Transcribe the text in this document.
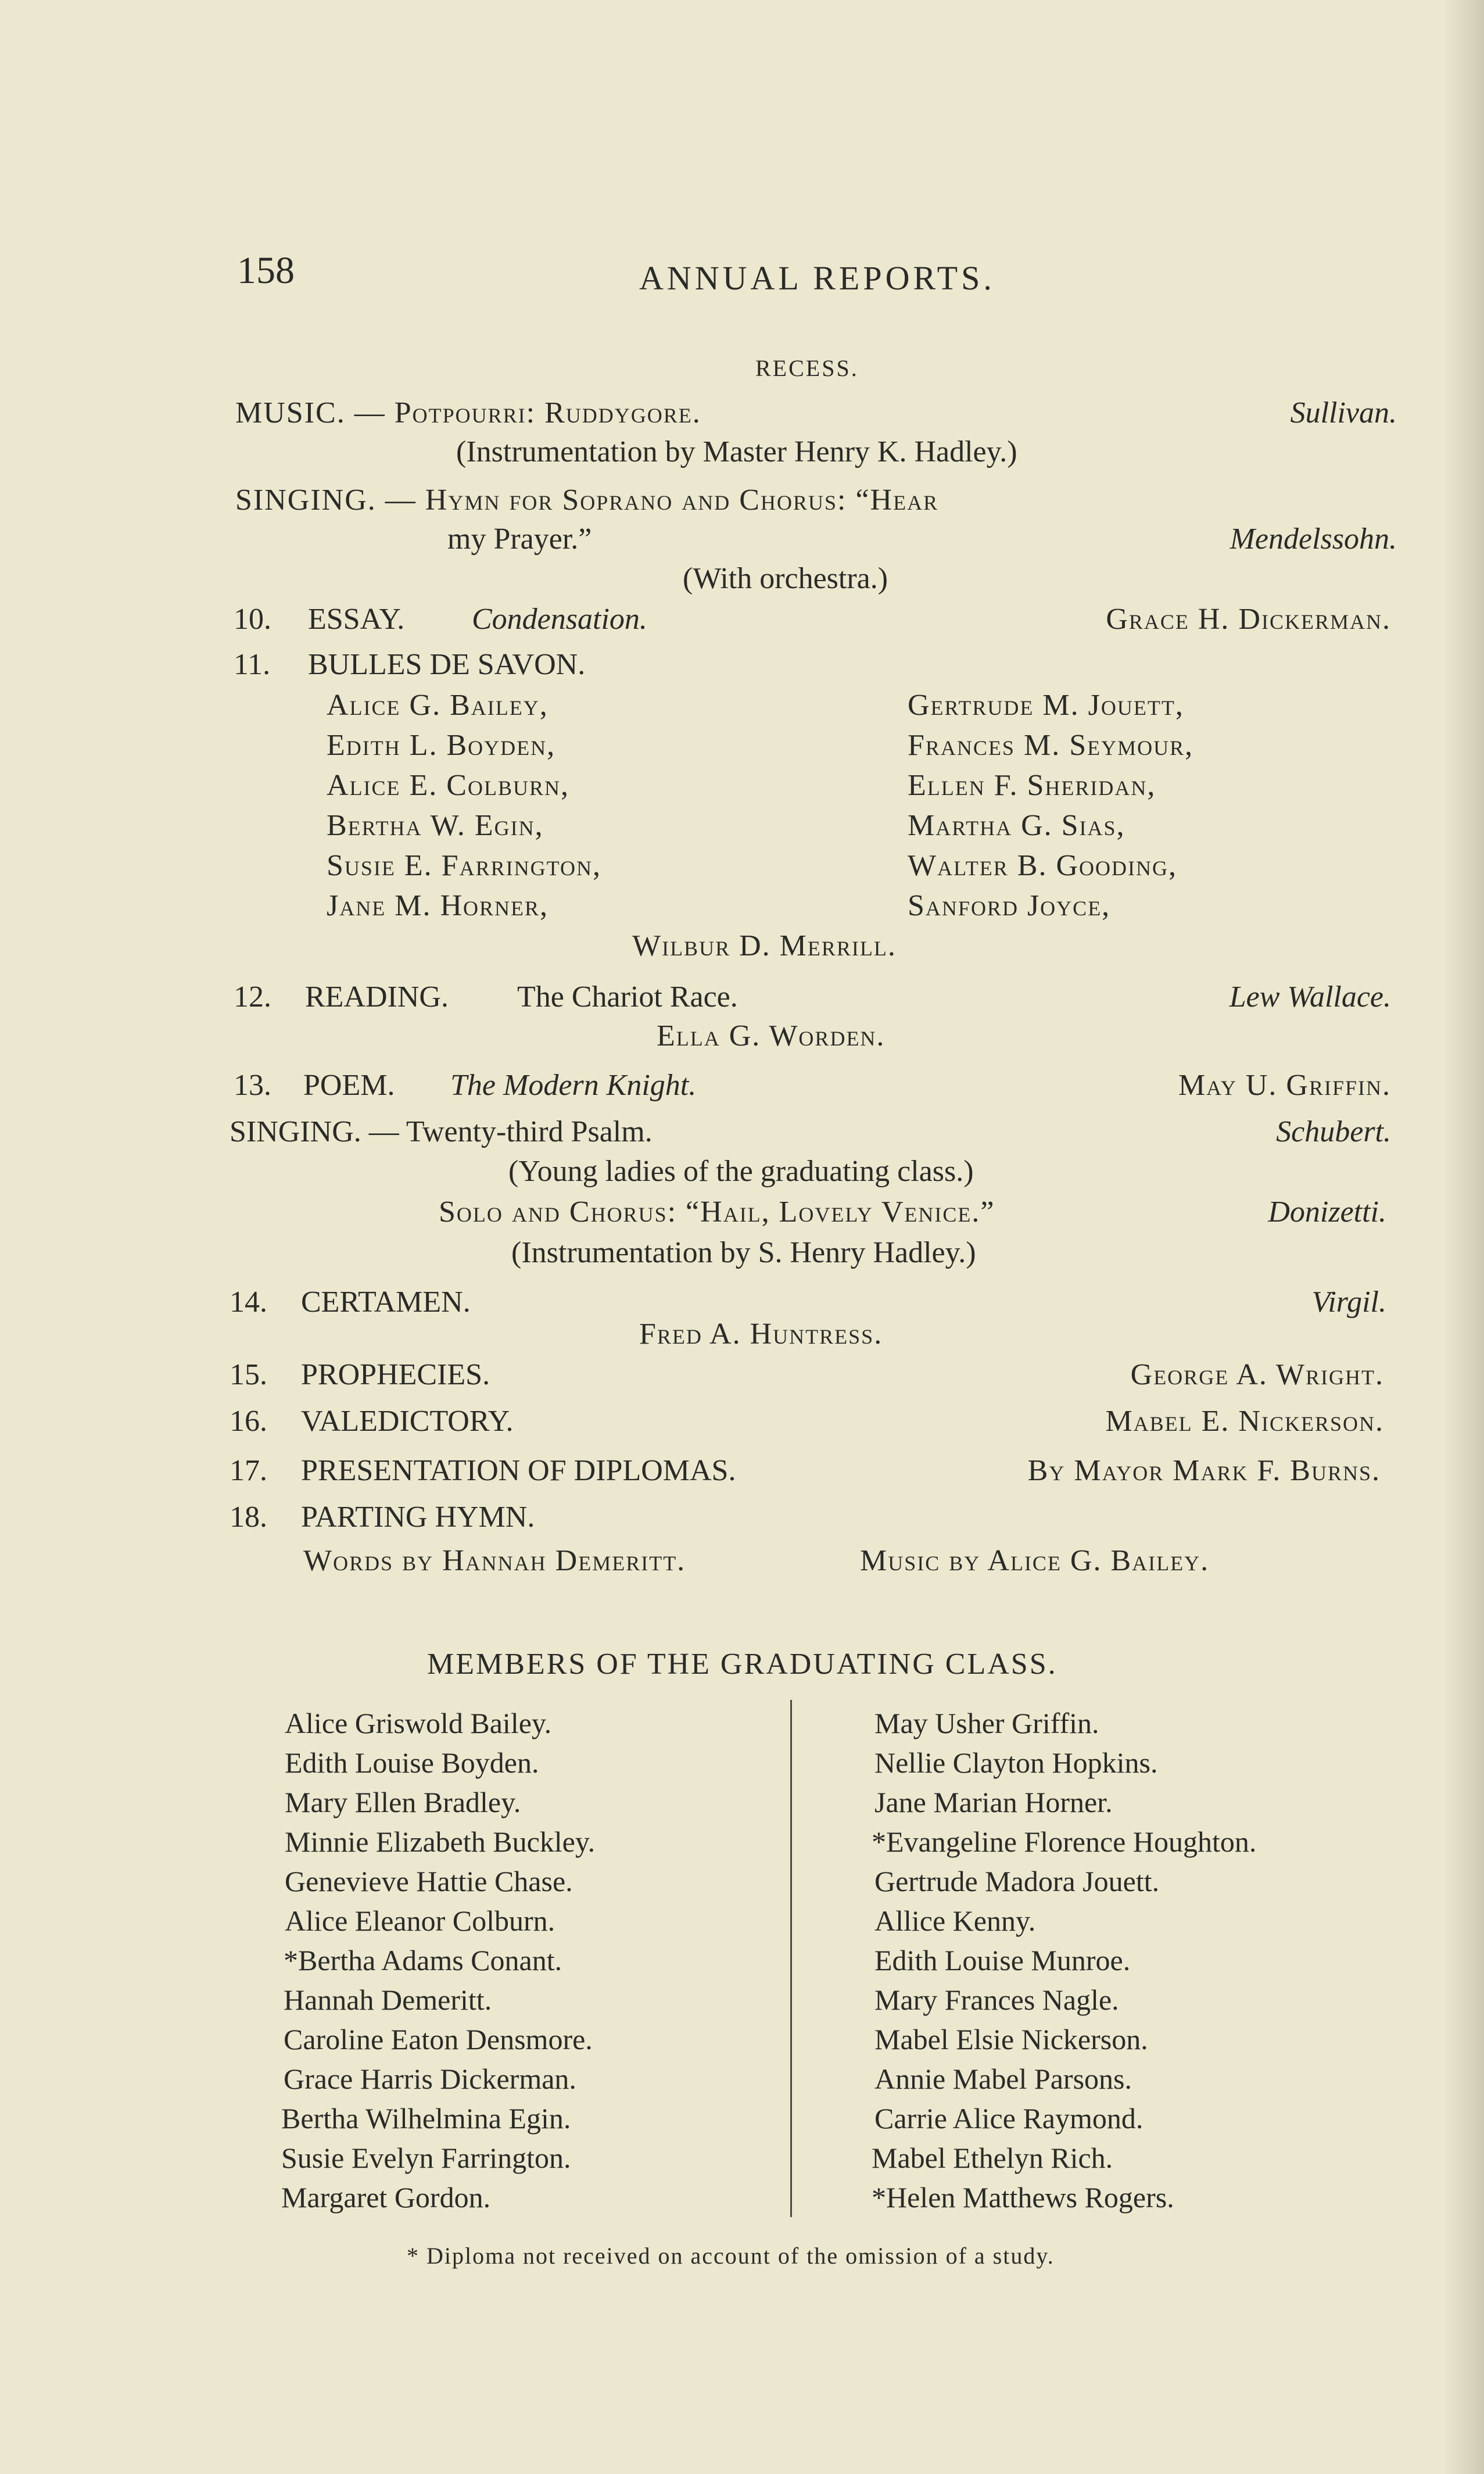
158	ANNUAL REPORTS.
RECESS.
MUSIC. — Potpourri: Ruddygore.	Sullivan.
(Instrumentation by Master Henry K. Hadley.)
SINGING. — Hymn for Soprano and Chorus: “Hear
my Prayer.”	Mendelssohn.
(With orchestra.)
10. ESSAY. Condensation.	Grace H. Dickerman.
11. BULLES DE SAVON.
Alice G. Bailey,
Edith L. Boyden,
Alice E. Colburn,
Bertha W. Egin,
Susie E. Farrington,
Jane M. Horner,
Gertrude M. Jouett,
Frances M. Seymour,
Ellen F. Sheridan,
Martha G. Sias,
Walter B. Gooding,
Sanford Joyce,
Wilbur D. Merrill.
12. READING. The Chariot Race.	Lew Wallace.
Ella G. Worden.
13. POEM. The Modern Knight.	May U. Griffin.
SINGING. — Twenty-third Psalm.	Schubert.
(Young ladies of the graduating class.)
Solo and Chorus: “Hail, Lovely Venice.”	Donizetti.
(Instrumentation by S. Henry Hadley.)
14. CERTAMEN.	Virgil.
Fred A. Huntress.
15. PROPHECIES.	George A. Wright.
16. VALEDICTORY.	Mabel E. Nickerson.
17. PRESENTATION OF DIPLOMAS.	By Mayor Mark F. Burns.
18. PARTING HYMN.
Words by Hannah Demeritt.	Music by Alice G. Bailey.
MEMBERS OF THE GRADUATING CLASS.
Alice Griswold Bailey.
Edith Louise Boyden.
Mary Ellen Bradley.
Minnie Elizabeth Buckley.
Genevieve Hattie Chase.
Alice Eleanor Colburn.
*Bertha Adams Conant.
Hannah Demeritt.
Caroline Eaton Densmore.
Grace Harris Dickerman.
Bertha Wilhelmina Egin.
Susie Evelyn Farrington.
Margaret Gordon.
May Usher Griffin.
Nellie Clayton Hopkins.
Jane Marian Horner.
*Evangeline Florence Houghton.
Gertrude Madora Jouett.
Allice Kenny.
Edith Louise Munroe.
Mary Frances Nagle.
Mabel Elsie Nickerson.
Annie Mabel Parsons.
Carrie Alice Raymond.
Mabel Ethelyn Rich.
*Helen Matthews Rogers.
* Diploma not received on account of the omission of a study.
